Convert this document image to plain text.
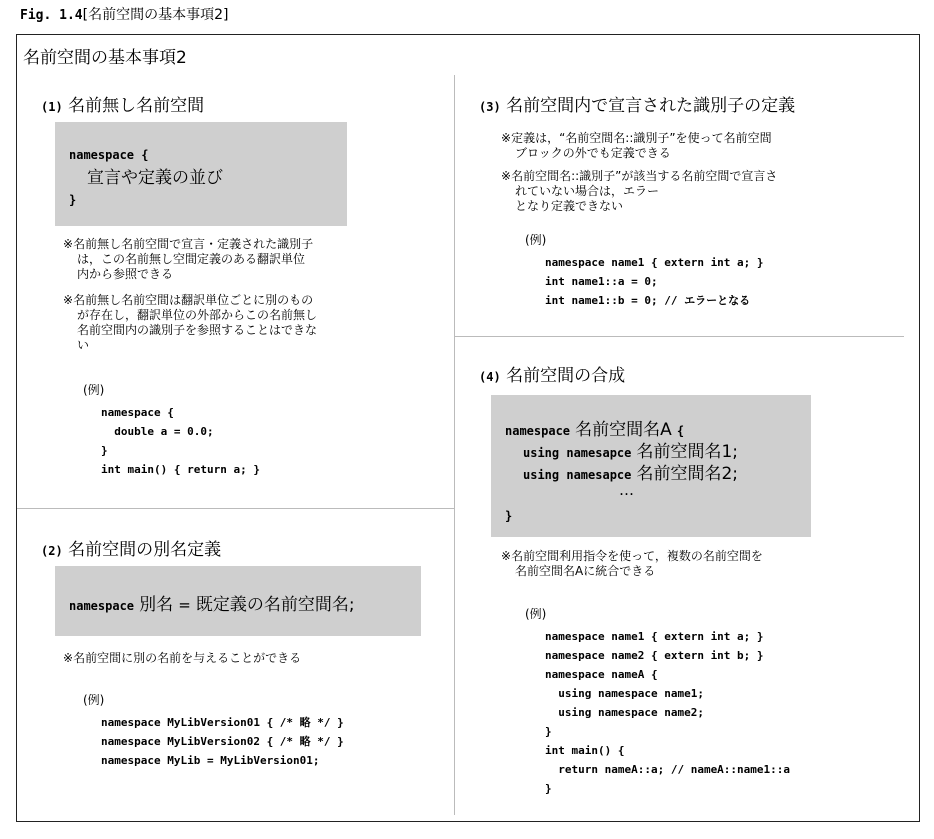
Fig. 1.4[名前空間の基本事項2]
名前空間の基本事項2
(1) 名前無し名前空間
namespace {
宣言や定義の並び
}
※名前無し名前空間で宣言・定義された識別子
は，この名前無し空間定義のある翻訳単位
内から参照できる
※名前無し名前空間は翻訳単位ごとに別のもの
が存在し，翻訳単位の外部からこの名前無し
名前空間内の識別子を参照することはできな
い
(例)
namespace {
double a = 0.0;
}
int main() { return a; }
(2) 名前空間の別名定義
namespace 別名 = 既定義の名前空間名;
※名前空間に別の名前を与えることができる
(例)
namespace MyLibVersion01 { /* 略 */ }
namespace MyLibVersion02 { /* 略 */ }
namespace MyLib = MyLibVersion01;
(3) 名前空間内で宣言された識別子の定義
※定義は，“名前空間名::識別子”を使って名前空間
ブロックの外でも定義できる
※名前空間名::識別子”が該当する名前空間で宣言さ
れていない場合は，エラー
となり定義できない
(例)
namespace name1 { extern int a; }
int name1::a = 0;
int name1::b = 0; // エラーとなる
(4) 名前空間の合成
namespace 名前空間名A {
using namesapce 名前空間名1;
using namesapce 名前空間名2;
…
}
※名前空間利用指令を使って，複数の名前空間を
名前空間名Aに統合できる
(例)
namespace name1 { extern int a; }
namespace name2 { extern int b; }
namespace nameA {
using namespace name1;
using namespace name2;
}
int main() {
return nameA::a; // nameA::name1::a
}
